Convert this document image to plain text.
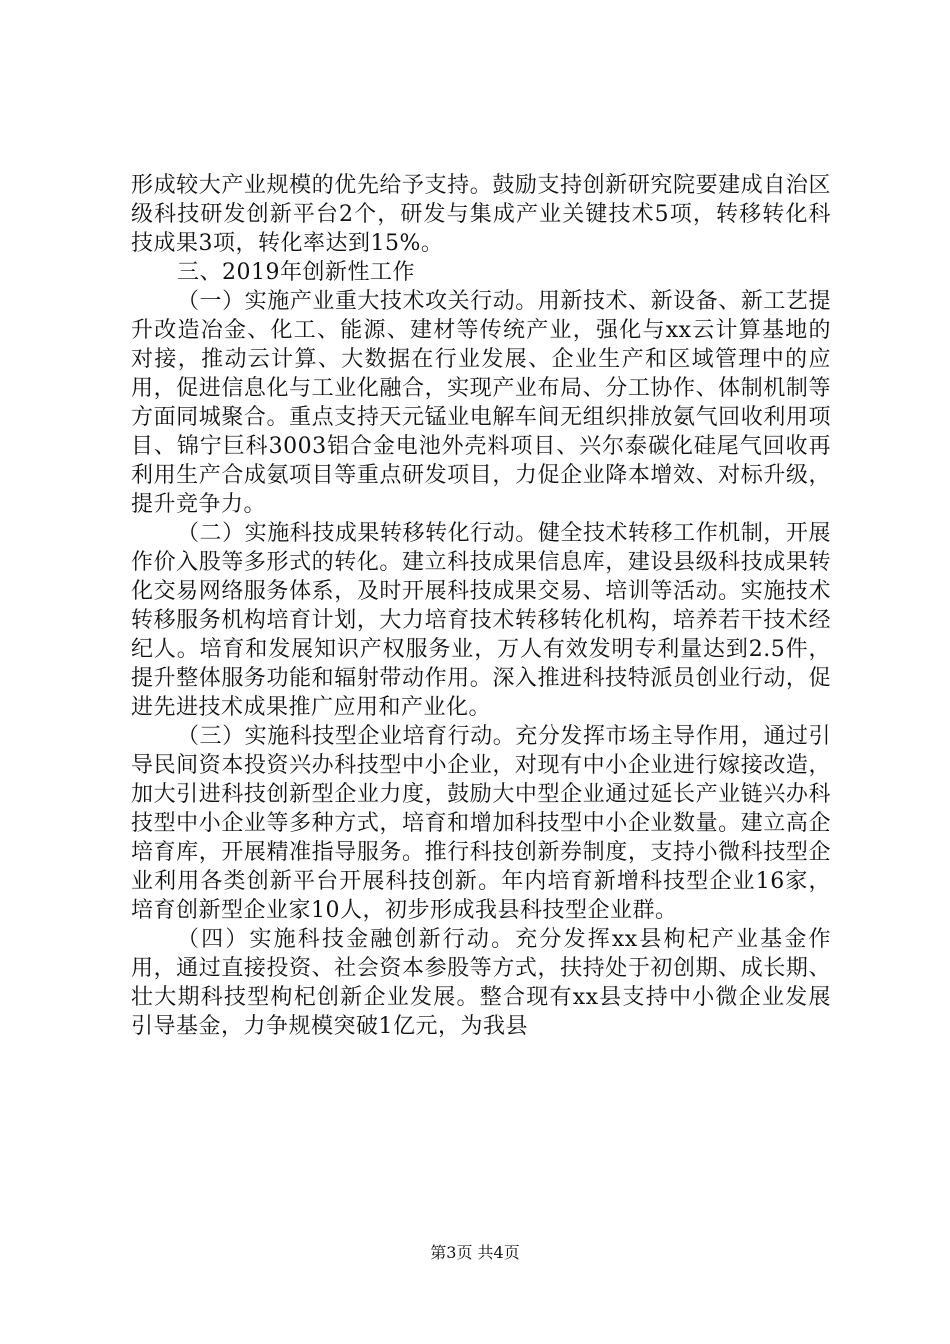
形成较大产业规模的优先给予支持。鼓励支持创新研究院要建成自治区级科技研发创新平台2个，研发与集成产业关键技术5项，转移转化科技成果3项，转化率达到15%。

三、2019年创新性工作

（一）实施产业重大技术攻关行动。用新技术、新设备、新工艺提升改造冶金、化工、能源、建材等传统产业，强化与xx云计算基地的对接，推动云计算、大数据在行业发展、企业生产和区域管理中的应用，促进信息化与工业化融合，实现产业布局、分工协作、体制机制等方面同城聚合。重点支持天元锰业电解车间无组织排放氨气回收利用项目、锦宁巨科3003铝合金电池外壳料项目、兴尔泰碳化硅尾气回收再利用生产合成氨项目等重点研发项目，力促企业降本增效、对标升级，提升竞争力。

（二）实施科技成果转移转化行动。健全技术转移工作机制，开展作价入股等多形式的转化。建立科技成果信息库，建设县级科技成果转化交易网络服务体系，及时开展科技成果交易、培训等活动。实施技术转移服务机构培育计划，大力培育技术转移转化机构，培养若干技术经纪人。培育和发展知识产权服务业，万人有效发明专利量达到2.5件，提升整体服务功能和辐射带动作用。深入推进科技特派员创业行动，促进先进技术成果推广应用和产业化。

（三）实施科技型企业培育行动。充分发挥市场主导作用，通过引导民间资本投资兴办科技型中小企业，对现有中小企业进行嫁接改造，加大引进科技创新型企业力度，鼓励大中型企业通过延长产业链兴办科技型中小企业等多种方式，培育和增加科技型中小企业数量。建立高企培育库，开展精准指导服务。推行科技创新券制度，支持小微科技型企业利用各类创新平台开展科技创新。年内培育新增科技型企业16家，培育创新型企业家10人，初步形成我县科技型企业群。

（四）实施科技金融创新行动。充分发挥xx县枸杞产业基金作用，通过直接投资、社会资本参股等方式，扶持处于初创期、成长期、壮大期科技型枸杞创新企业发展。整合现有xx县支持中小微企业发展引导基金，力争规模突破1亿元，为我县

第3页 共4页
